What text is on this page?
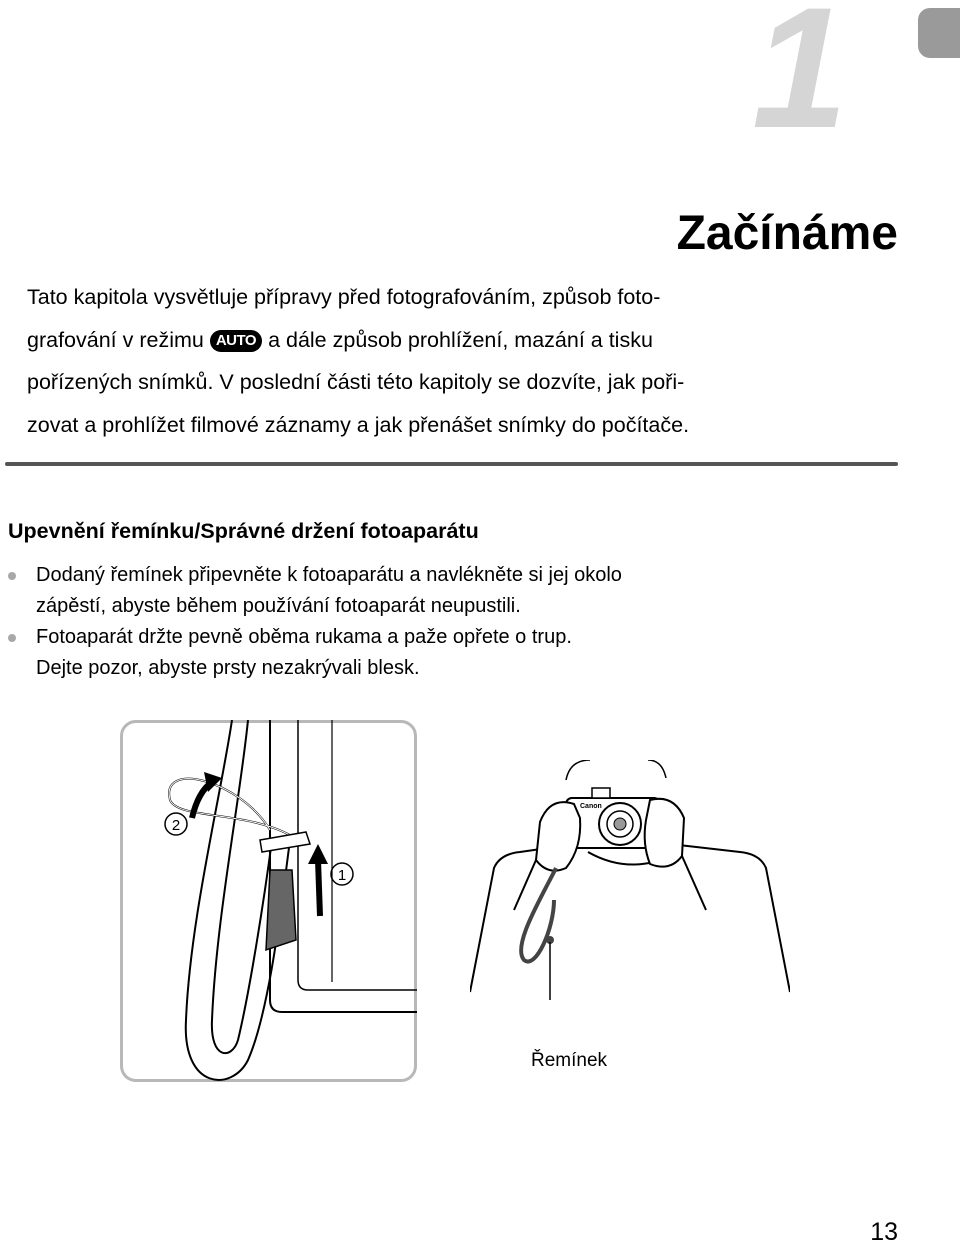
1
Začínáme

Tato kapitola vysvětluje přípravy před fotografováním, způsob foto-
grafování v režimu AUTO a dále způsob prohlížení, mazání a tisku
pořízených snímků. V poslední části této kapitoly se dozvíte, jak poři-
zovat a prohlížet filmové záznamy a jak přenášet snímky do počítače.

Upevnění řemínku/Správné držení fotoaparátu
Dodaný řemínek připevněte k fotoaparátu a navlékněte si jej okolo
zápěstí, abyste během používání fotoaparát neupustili.
Fotoaparát držte pevně oběma rukama a paže opřete o trup.
Dejte pozor, abyste prsty nezakrývali blesk.
2
1
Canon
Řemínek
13
